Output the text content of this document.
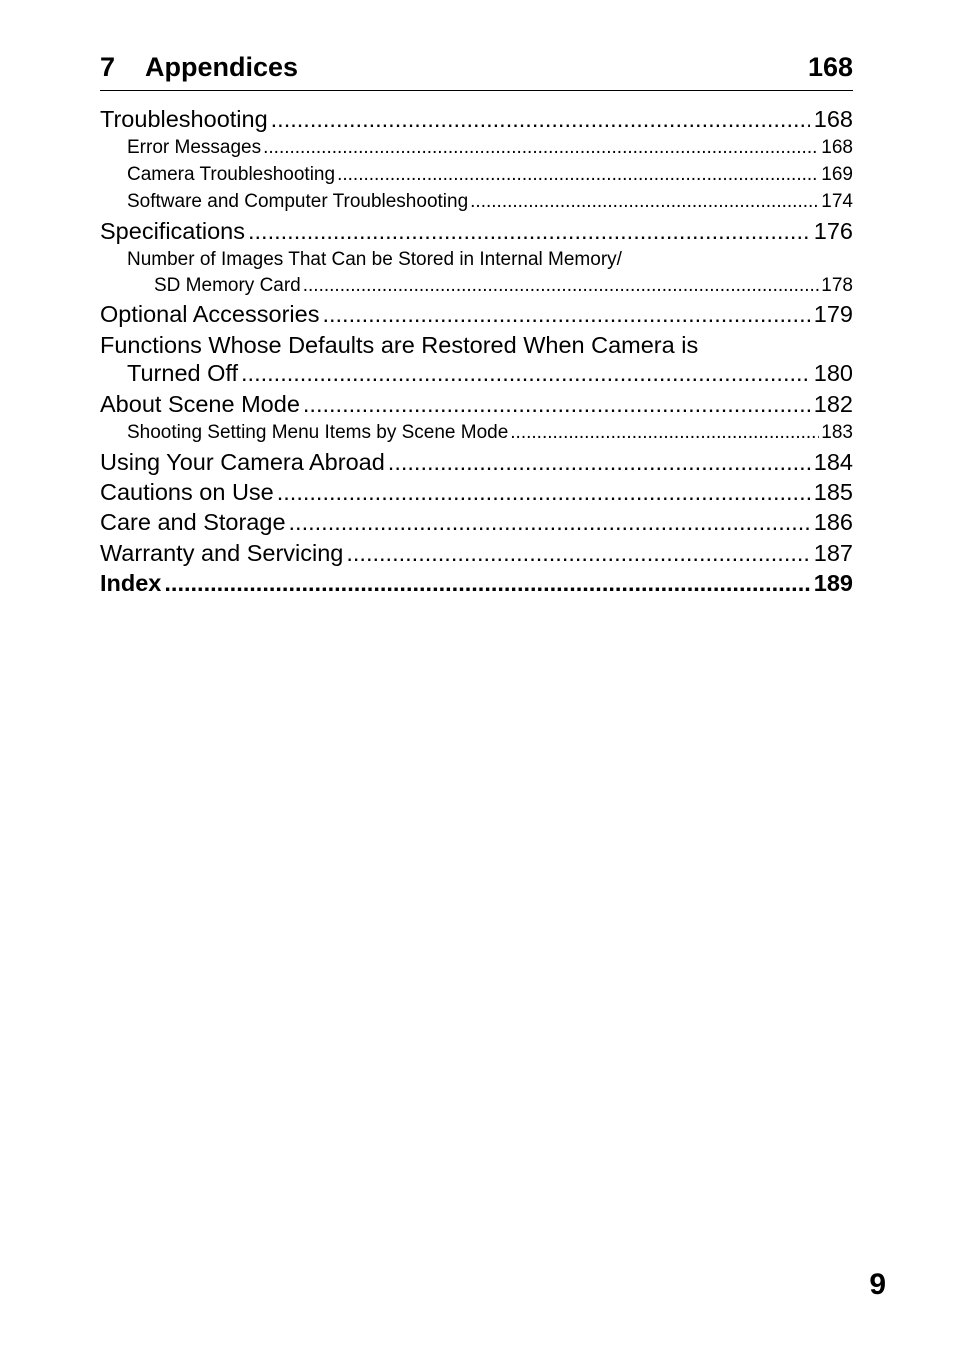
7 Appendices	168
Troubleshooting .....	168
Error Messages .....	168
Camera Troubleshooting .....	169
Software and Computer Troubleshooting .....	174
Specifications .....	176
Number of Images That Can be Stored in Internal Memory/
SD Memory Card .....	178
Optional Accessories .....	179
Functions Whose Defaults are Restored When Camera is
Turned Off .....	180
About Scene Mode .....	182
Shooting Setting Menu Items by Scene Mode .....	183
Using Your Camera Abroad .....	184
Cautions on Use .....	185
Care and Storage .....	186
Warranty and Servicing .....	187
Index .....	189
9
